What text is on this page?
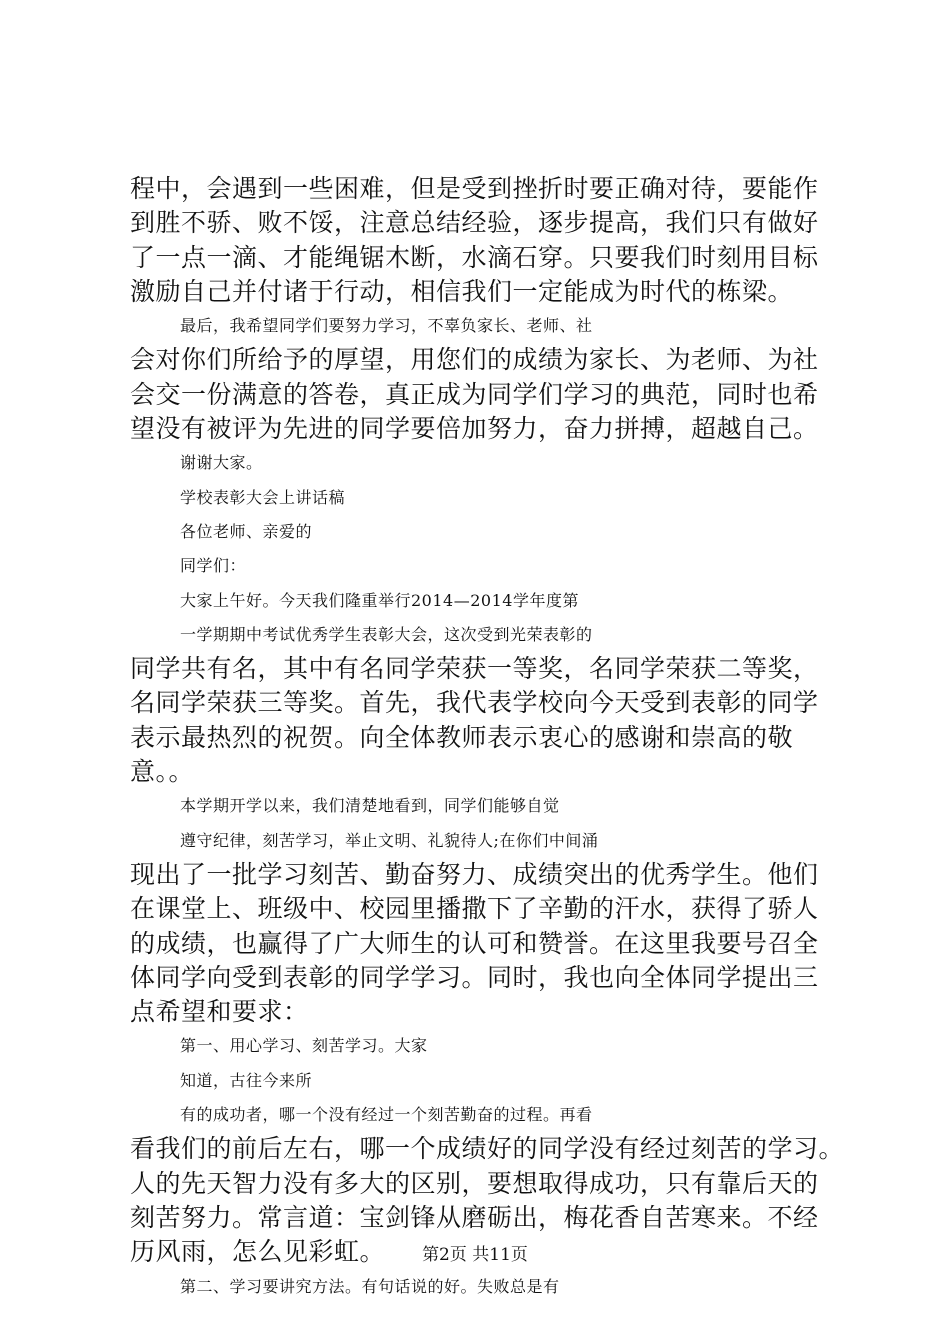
程中，会遇到一些困难，但是受到挫折时要正确对待，要能作
到胜不骄、败不馁，注意总结经验，逐步提高，我们只有做好
了一点一滴、才能绳锯木断，水滴石穿。只要我们时刻用目标
激励自己并付诸于行动，相信我们一定能成为时代的栋梁。
最后，我希望同学们要努力学习，不辜负家长、老师、社
会对你们所给予的厚望，用您们的成绩为家长、为老师、为社
会交一份满意的答卷，真正成为同学们学习的典范，同时也希
望没有被评为先进的同学要倍加努力，奋力拼搏，超越自己。
谢谢大家。
学校表彰大会上讲话稿
各位老师、亲爱的
同学们：
大家上午好。今天我们隆重举行2014—2014学年度第
一学期期中考试优秀学生表彰大会，这次受到光荣表彰的
同学共有名，其中有名同学荣获一等奖，名同学荣获二等奖，
名同学荣获三等奖。首先，我代表学校向今天受到表彰的同学
表示最热烈的祝贺。向全体教师表示衷心的感谢和崇高的敬
意。。
本学期开学以来，我们清楚地看到，同学们能够自觉
遵守纪律，刻苦学习，举止文明、礼貌待人;在你们中间涌
现出了一批学习刻苦、勤奋努力、成绩突出的优秀学生。他们
在课堂上、班级中、校园里播撒下了辛勤的汗水，获得了骄人
的成绩，也赢得了广大师生的认可和赞誉。在这里我要号召全
体同学向受到表彰的同学学习。同时，我也向全体同学提出三
点希望和要求：
第一、用心学习、刻苦学习。大家
知道，古往今来所
有的成功者，哪一个没有经过一个刻苦勤奋的过程。再看
看我们的前后左右，哪一个成绩好的同学没有经过刻苦的学习。
人的先天智力没有多大的区别，要想取得成功，只有靠后天的
刻苦努力。常言道：宝剑锋从磨砺出，梅花香自苦寒来。不经
历风雨，怎么见彩虹。
第二、学习要讲究方法。有句话说的好。失败总是有
第2页 共11页
